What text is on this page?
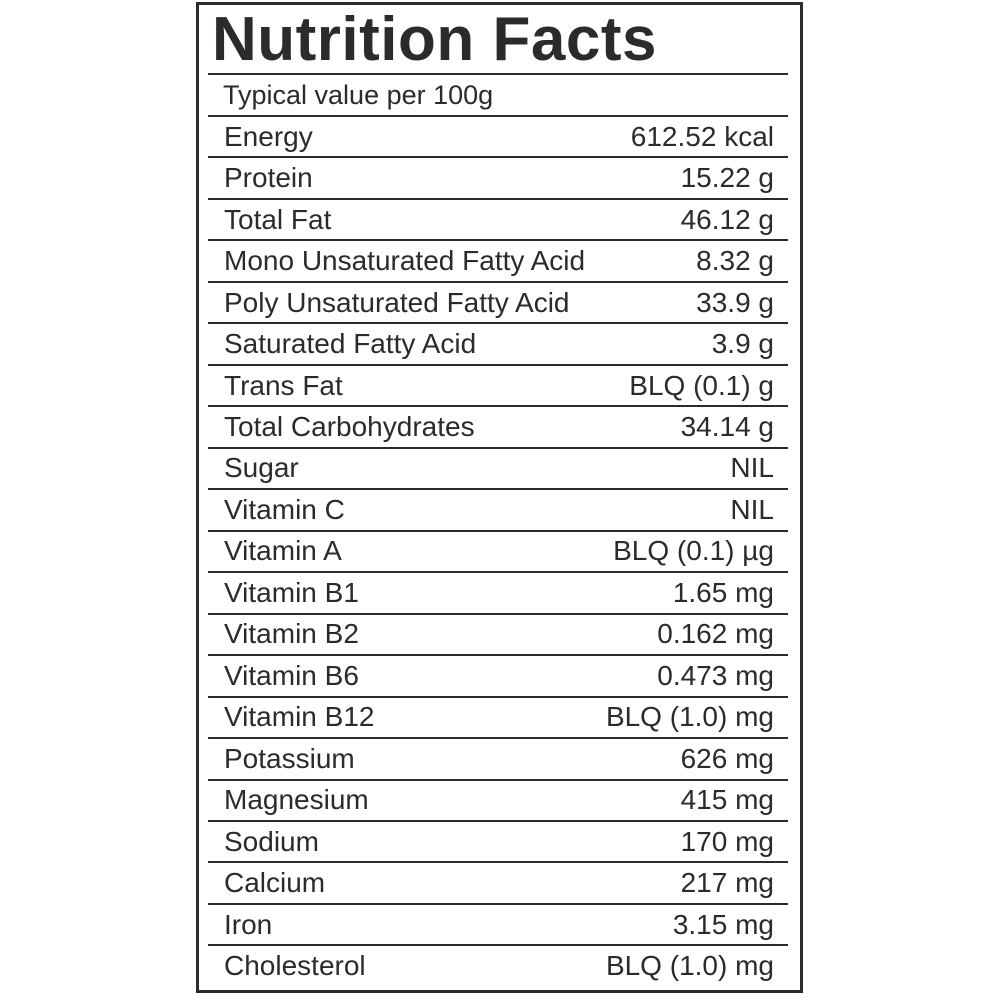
Nutrition Facts
Typical value per 100g
Energy	612.52 kcal
Protein	15.22 g
Total Fat	46.12 g
Mono Unsaturated Fatty Acid	8.32 g
Poly Unsaturated Fatty Acid	33.9 g
Saturated Fatty Acid	3.9 g
Trans Fat	BLQ (0.1) g
Total Carbohydrates	34.14 g
Sugar	NIL
Vitamin C	NIL
Vitamin A	BLQ (0.1) µg
Vitamin B1	1.65 mg
Vitamin B2	0.162 mg
Vitamin B6	0.473 mg
Vitamin B12	BLQ (1.0) mg
Potassium	626 mg
Magnesium	415 mg
Sodium	170 mg
Calcium	217 mg
Iron	3.15 mg
Cholesterol	BLQ (1.0) mg
